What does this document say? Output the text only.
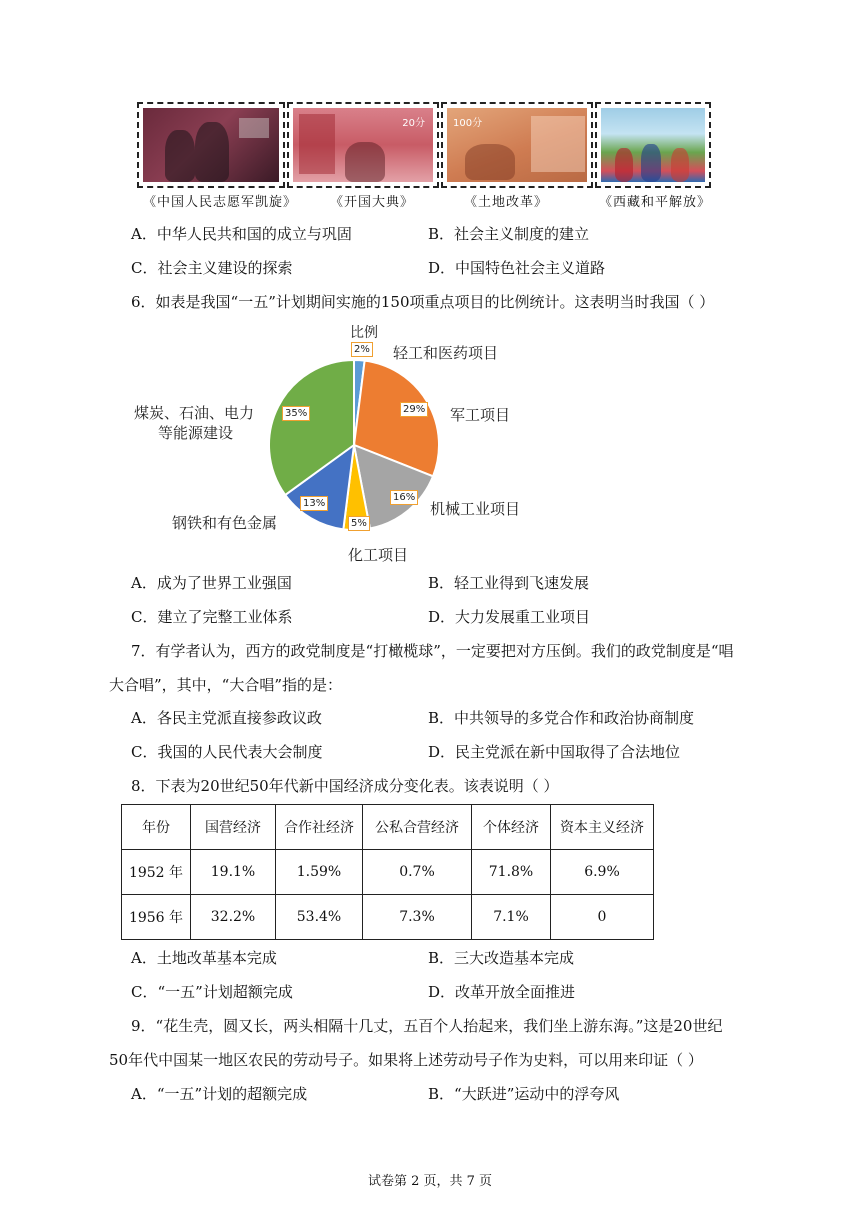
20分	100分
《中国人民志愿军凯旋》	《开国大典》	《土地改革》	《西藏和平解放》
A．中华人民共和国的成立与巩固	B．社会主义制度的建立
C．社会主义建设的探索	D．中国特色社会主义道路
6．如表是我国“一五”计划期间实施的150项重点项目的比例统计。这表明当时我国（ ）
比例
轻工和医药项目
军工项目
机械工业项目
化工项目
钢铁和有色金属
煤炭、石油、电力
等能源建设
2%
29%
16%
5%
13%
35%
A．成为了世界工业强国	B．轻工业得到飞速发展
C．建立了完整工业体系	D．大力发展重工业项目
7．有学者认为，西方的政党制度是“打橄榄球”，一定要把对方压倒。我们的政党制度是“唱
大合唱”，其中，“大合唱”指的是：
A．各民主党派直接参政议政	B．中共领导的多党合作和政治协商制度
C．我国的人民代表大会制度	D．民主党派在新中国取得了合法地位
8．下表为20世纪50年代新中国经济成分变化表。该表说明（ ）
年份	国营经济	合作社经济	公私合营经济	个体经济	资本主义经济
1952 年	19.1%	1.59%	0.7%	71.8%	6.9%
1956 年	32.2%	53.4%	7.3%	7.1%	0
A．土地改革基本完成	B．三大改造基本完成
C．“一五”计划超额完成	D．改革开放全面推进
9．“花生壳，圆又长，两头相隔十几丈，五百个人抬起来，我们坐上游东海。”这是20世纪
50年代中国某一地区农民的劳动号子。如果将上述劳动号子作为史料，可以用来印证（ ）
A．“一五”计划的超额完成	B．“大跃进”运动中的浮夸风
试卷第 2 页，共 7 页
